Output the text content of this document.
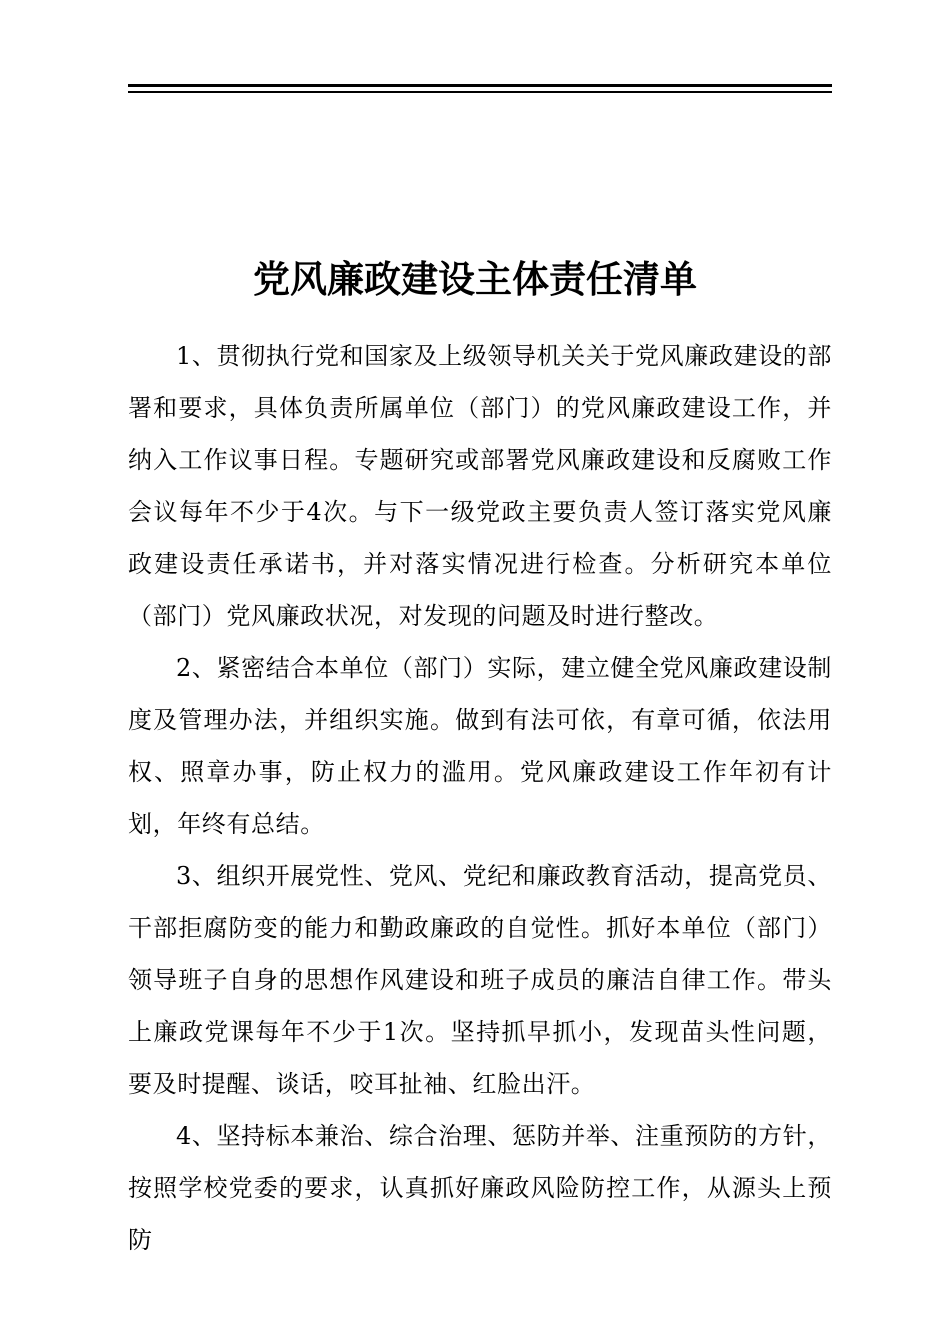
党风廉政建设主体责任清单

1、贯彻执行党和国家及上级领导机关关于党风廉政建设的部署和要求，具体负责所属单位（部门）的党风廉政建设工作，并纳入工作议事日程。专题研究或部署党风廉政建设和反腐败工作会议每年不少于4次。与下一级党政主要负责人签订落实党风廉政建设责任承诺书，并对落实情况进行检查。分析研究本单位（部门）党风廉政状况，对发现的问题及时进行整改。

2、紧密结合本单位（部门）实际，建立健全党风廉政建设制度及管理办法，并组织实施。做到有法可依，有章可循，依法用权、照章办事，防止权力的滥用。党风廉政建设工作年初有计划，年终有总结。

3、组织开展党性、党风、党纪和廉政教育活动，提高党员、干部拒腐防变的能力和勤政廉政的自觉性。抓好本单位（部门）领导班子自身的思想作风建设和班子成员的廉洁自律工作。带头上廉政党课每年不少于1次。坚持抓早抓小，发现苗头性问题，要及时提醒、谈话，咬耳扯袖、红脸出汗。

4、坚持标本兼治、综合治理、惩防并举、注重预防的方针，按照学校党委的要求，认真抓好廉政风险防控工作，从源头上预防
